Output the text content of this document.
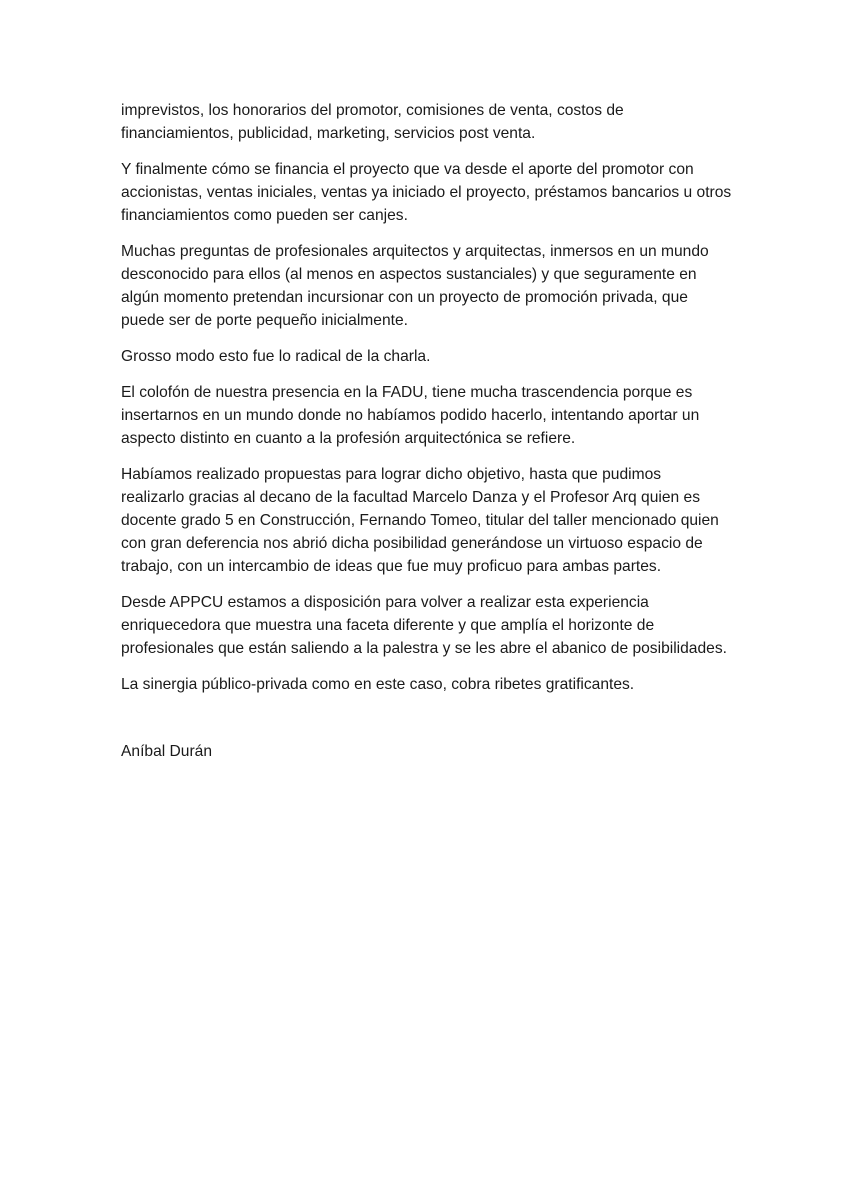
imprevistos, los honorarios del promotor, comisiones de venta, costos de
financiamientos, publicidad, marketing, servicios post venta.

Y finalmente cómo se financia el proyecto que va desde el aporte del promotor con
accionistas, ventas iniciales, ventas ya iniciado el proyecto, préstamos bancarios u otros
financiamientos como pueden ser canjes.

Muchas preguntas de profesionales arquitectos y arquitectas, inmersos en un mundo
desconocido para ellos (al menos en aspectos sustanciales) y que seguramente en
algún momento pretendan incursionar con un proyecto de promoción privada, que
puede ser de porte pequeño inicialmente.

Grosso modo esto fue lo radical de la charla.

El colofón de nuestra presencia en la FADU, tiene mucha trascendencia porque es
insertarnos en un mundo donde no habíamos podido hacerlo, intentando aportar un
aspecto distinto en cuanto a la profesión arquitectónica se refiere.

Habíamos realizado propuestas para lograr dicho objetivo, hasta que pudimos
realizarlo gracias al decano de la facultad Marcelo Danza y el Profesor Arq quien es
docente grado 5 en Construcción, Fernando Tomeo, titular del taller mencionado quien
con gran deferencia nos abrió dicha posibilidad generándose un virtuoso espacio de
trabajo, con un intercambio de ideas que fue muy proficuo para ambas partes.

Desde APPCU estamos a disposición para volver a realizar esta experiencia
enriquecedora que muestra una faceta diferente y que amplía el horizonte de
profesionales que están saliendo a la palestra y se les abre el abanico de posibilidades.

La sinergia público-privada como en este caso, cobra ribetes gratificantes.

Aníbal Durán
